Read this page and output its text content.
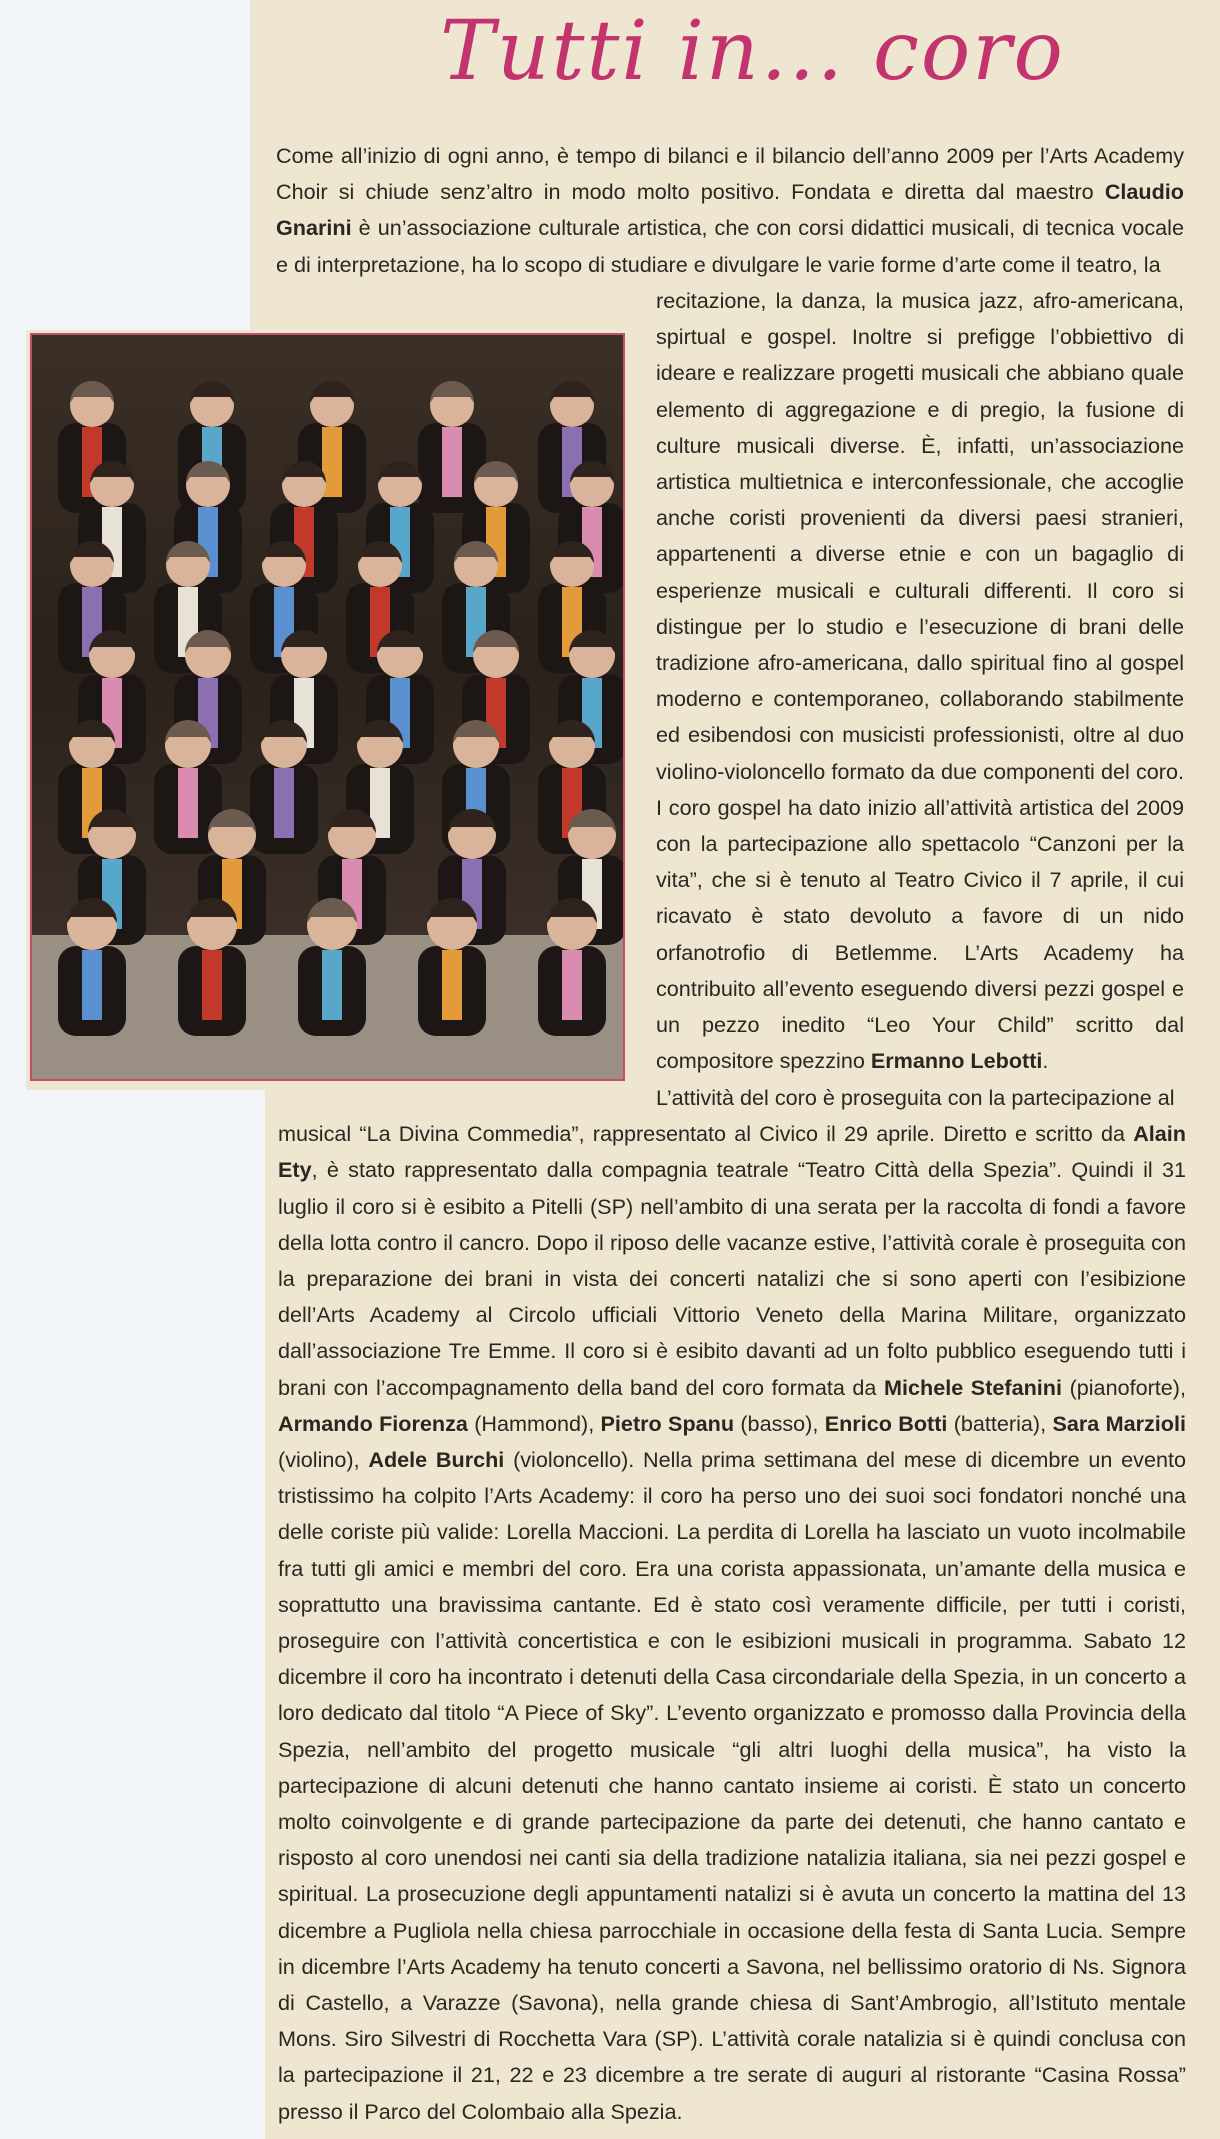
Tutti in... coro

Come all’inizio di ogni anno, è tempo di bilanci e il bilancio dell’anno 2009 per l’Arts Academy Choir si chiude senz’altro in modo molto positivo. Fondata e diretta dal maestro Claudio Gnarini è un’associazione culturale artistica, che con corsi didattici musicali, di tecnica vocale e di interpretazione, ha lo scopo di studiare e divulgare le varie forme d’arte come il teatro, la

recitazione, la danza, la musica jazz, afro-americana, spirtual e gospel. Inoltre si prefigge l’obbiettivo di ideare e realizzare progetti musicali che abbiano quale elemento di aggregazione e di pregio, la fusione di culture musicali diverse. È, infatti, un’associazione artistica multietnica e interconfessionale, che accoglie anche coristi provenienti da diversi paesi stranieri, appartenenti a diverse etnie e con un bagaglio di esperienze musicali e culturali differenti. Il coro si distingue per lo studio e l’esecuzione di brani delle tradizione afro-americana, dallo spiritual fino al gospel moderno e contemporaneo, collaborando stabilmente ed esibendosi con musicisti professionisti, oltre al duo violino-violoncello formato da due componenti del coro. I coro gospel ha dato inizio all’attività artistica del 2009 con la partecipazione allo spettacolo “Canzoni per la vita”, che si è tenuto al Teatro Civico il 7 aprile, il cui ricavato è stato devoluto a favore di un nido orfanotrofio di Betlemme. L’Arts Academy ha contribuito all’evento eseguendo diversi pezzi gospel e un pezzo inedito “Leo Your Child” scritto dal compositore spezzino Ermanno Lebotti.

L’attività del coro è proseguita con la partecipazione al
musical “La Divina Commedia”, rappresentato al Civico il 29 aprile. Diretto e scritto da Alain Ety, è stato rappresentato dalla compagnia teatrale “Teatro Città della Spezia”. Quindi il 31 luglio il coro si è esibito a Pitelli (SP) nell’ambito di una serata per la raccolta di fondi a favore della lotta contro il cancro. Dopo il riposo delle vacanze estive, l’attività corale è proseguita con la preparazione dei brani in vista dei concerti natalizi che si sono aperti con l’esibizione dell’Arts Academy al Circolo ufficiali Vittorio Veneto della Marina Militare, organizzato dall’associazione Tre Emme. Il coro si è esibito davanti ad un folto pubblico eseguendo tutti i brani con l’accompagnamento della band del coro formata da Michele Stefanini (pianoforte), Armando Fiorenza (Hammond), Pietro Spanu (basso), Enrico Botti (batteria), Sara Marzioli (violino), Adele Burchi (violoncello). Nella prima settimana del mese di dicembre un evento tristissimo ha colpito l’Arts Academy: il coro ha perso uno dei suoi soci fondatori nonché una delle coriste più valide: Lorella Maccioni. La perdita di Lorella ha lasciato un vuoto incolmabile fra tutti gli amici e membri del coro. Era una corista appassionata, un’amante della musica e soprattutto una bravissima cantante. Ed è stato così veramente difficile, per tutti i coristi, proseguire con l’attività concertistica e con le esibizioni musicali in programma. Sabato 12 dicembre il coro ha incontrato i detenuti della Casa circondariale della Spezia, in un concerto a loro dedicato dal titolo “A Piece of Sky”. L’evento organizzato e promosso dalla Provincia della Spezia, nell’ambito del progetto musicale “gli altri luoghi della musica”, ha visto la partecipazione di alcuni detenuti che hanno cantato insieme ai coristi. È stato un concerto molto coinvolgente e di grande partecipazione da parte dei detenuti, che hanno cantato e risposto al coro unendosi nei canti sia della tradizione natalizia italiana, sia nei pezzi gospel e spiritual. La prosecuzione degli appuntamenti natalizi si è avuta un concerto la mattina del 13 dicembre a Pugliola nella chiesa parrocchiale in occasione della festa di Santa Lucia. Sempre in dicembre l’Arts Academy ha tenuto concerti a Savona, nel bellissimo oratorio di Ns. Signora di Castello, a Varazze (Savona), nella grande chiesa di Sant’Ambrogio, all’Istituto mentale Mons. Siro Silvestri di Rocchetta Vara (SP). L’attività corale natalizia si è quindi conclusa con la partecipazione il 21, 22 e 23 dicembre a tre serate di auguri al ristorante “Casina Rossa” presso il Parco del Colombaio alla Spezia.
